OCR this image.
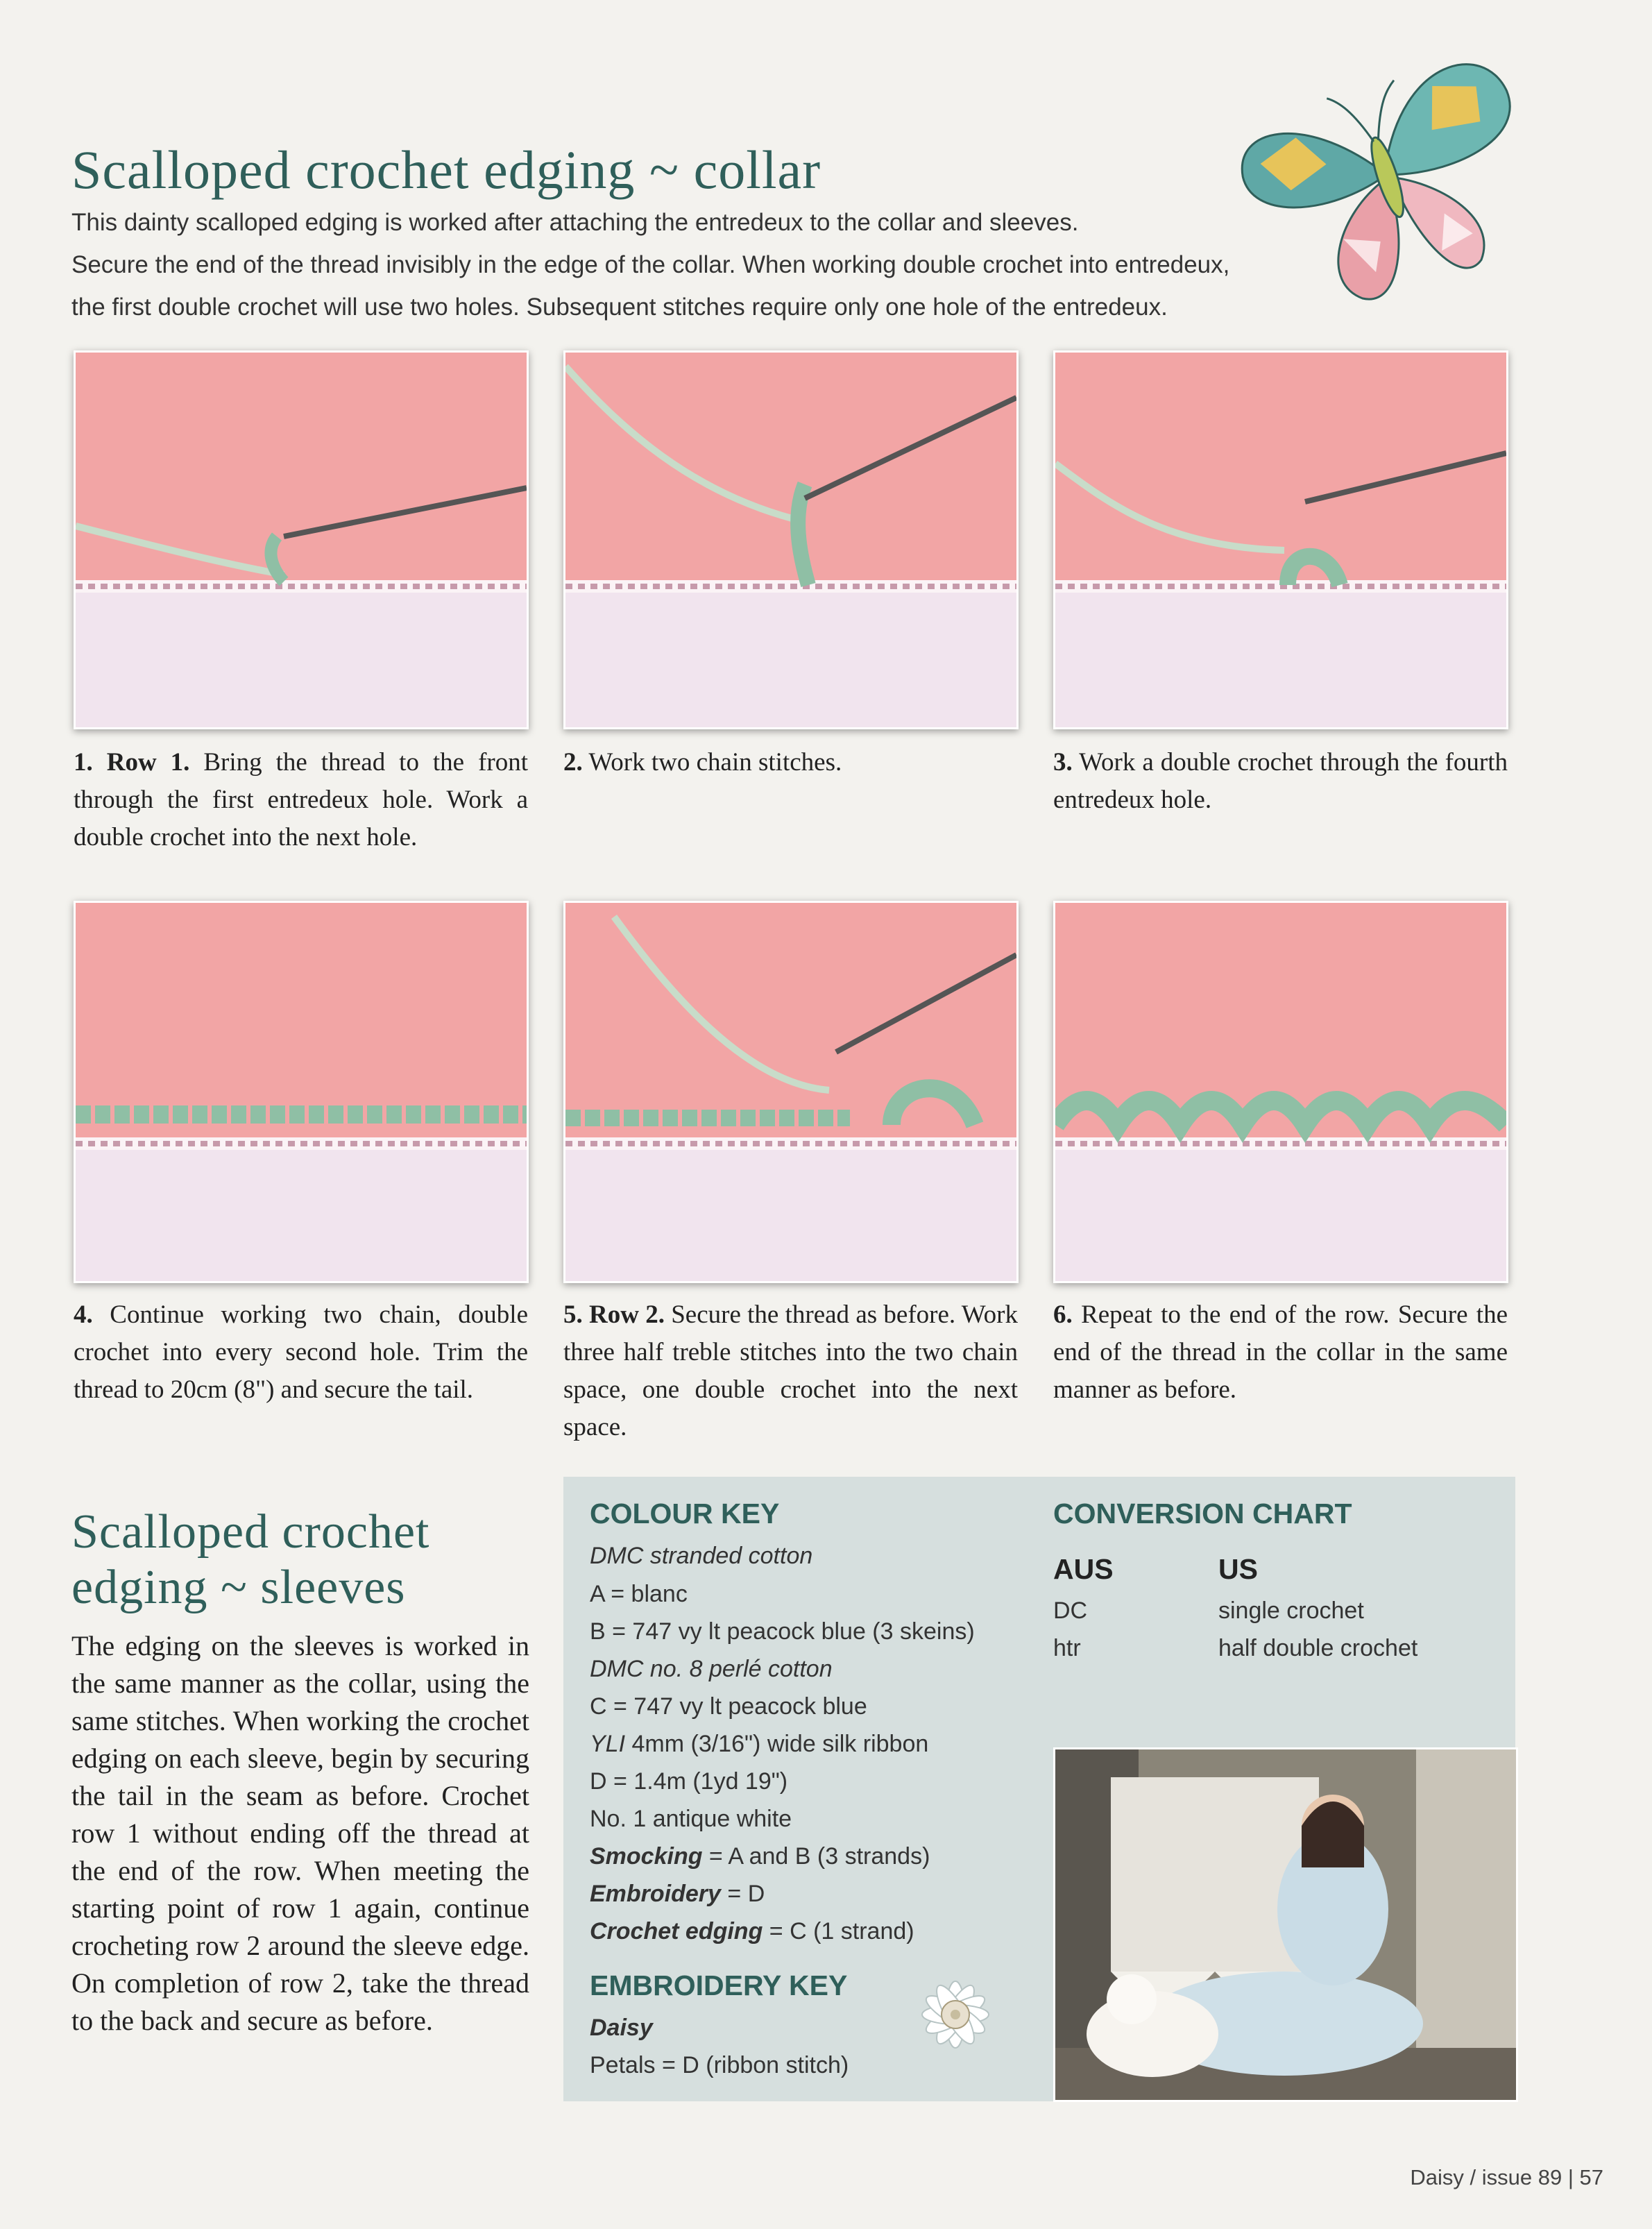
Scalloped crochet edging ~ collar

This dainty scalloped edging is worked after attaching the entredeux to the collar and sleeves.

Secure the end of the thread invisibly in the edge of the collar. When working double crochet into entredeux,

the first double crochet will use two holes. Subsequent stitches require only one hole of the entredeux.

1. Row 1. Bring the thread to the front through the first entredeux hole. Work a double crochet into the next hole.
2. Work two chain stitches.	3. Work a double crochet through the fourth entredeux hole.
4. Continue working two chain, double crochet into every second hole. Trim the thread to 20cm (8") and secure the tail.
5. Row 2. Secure the thread as before. Work three half treble stitches into the two chain space, one double crochet into the next space.
6. Repeat to the end of the row. Secure the end of the thread in the collar in the same manner as before.
Scalloped crochet
edging ~ sleeves
The edging on the sleeves is worked in the same manner as the collar, using the same stitches. When working the crochet edging on each sleeve, begin by securing the tail in the seam as before. Crochet row 1 without ending off the thread at the end of the row. When meeting the starting point of row 1 again, continue crocheting row 2 around the sleeve edge. On completion of row 2, take the thread to the back and secure as before.
COLOUR KEY
DMC stranded cotton
A = blanc
B = 747 vy lt peacock blue (3 skeins)
DMC no. 8 perlé cotton
C = 747 vy lt peacock blue
YLI 4mm (3/16") wide silk ribbon
D = 1.4m (1yd 19")
No. 1 antique white
Smocking = A and B (3 strands)
Embroidery = D
Crochet edging = C (1 strand)
EMBROIDERY KEY
Daisy
Petals = D (ribbon stitch)
CONVERSION CHART
AUS	US
DC	single crochet
htr	half double crochet
Daisy / issue 89 | 57
